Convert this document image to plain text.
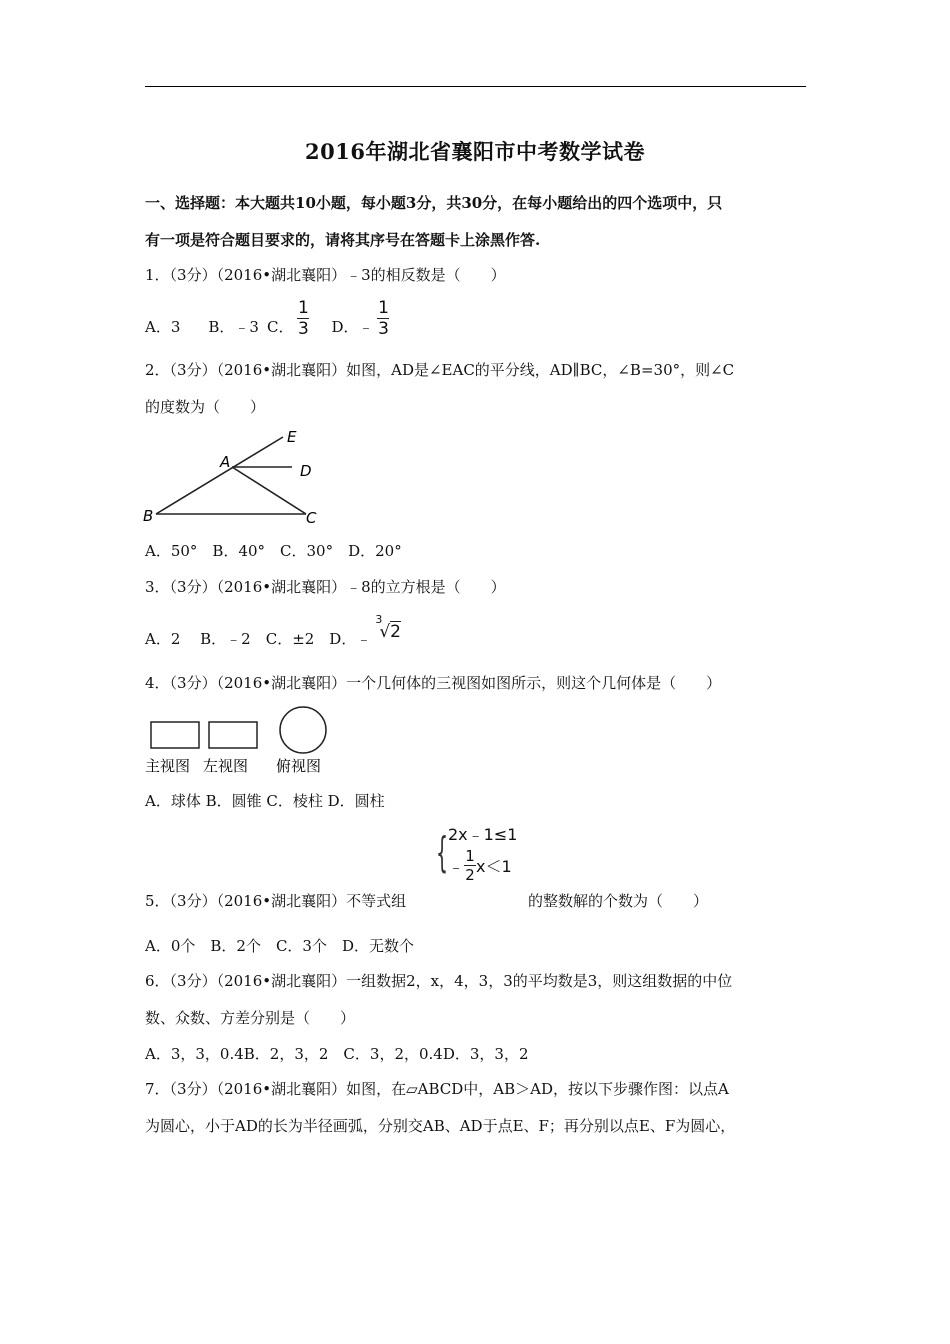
2016年湖北省襄阳市中考数学试卷
一、选择题：本大题共10小题，每小题3分，共30分，在每小题给出的四个选项中，只
有一项是符合题目要求的，请将其序号在答题卡上涂黑作答.
1．（3分）（2016•湖北襄阳）﹣3的相反数是（　　）
A．3 B．﹣3 C． $\frac{1}{3}$ D．﹣ $\frac{1}{3}$
2．（3分）（2016•湖北襄阳）如图，AD是∠EAC的平分线，AD∥BC，∠B=30°，则∠C
的度数为（　　）
E
A	D
B	C
A．50°　B．40°　C．30°　D．20°
3．（3分）（2016•湖北襄阳）﹣8的立方根是（　　）
A．2　 B．﹣2　C．±2　D．﹣
3
√2
4．（3分）（2016•湖北襄阳）一个几何体的三视图如图所示，则这个几何体是（　　）
主视图 左视图 俯视图
A．球体 B．圆锥 C．棱柱 D．圆柱
{ 2x﹣1≤1
﹣ $\frac{1}{2} x<1$
5．（3分）（2016•湖北襄阳）不等式组	的整数解的个数为（　　）
A．0个　B．2个　C．3个　D．无数个
6．（3分）（2016•湖北襄阳）一组数据2，x，4，3，3的平均数是3，则这组数据的中位
数、众数、方差分别是（　　）
A．3，3，0.4B．2，3，2　C．3，2，0.4D．3，3，2
7．（3分）（2016•湖北襄阳）如图，在▱ABCD中，AB＞AD，按以下步骤作图：以点A
为圆心，小于AD的长为半径画弧，分别交AB、AD于点E、F；再分别以点E、F为圆心，
